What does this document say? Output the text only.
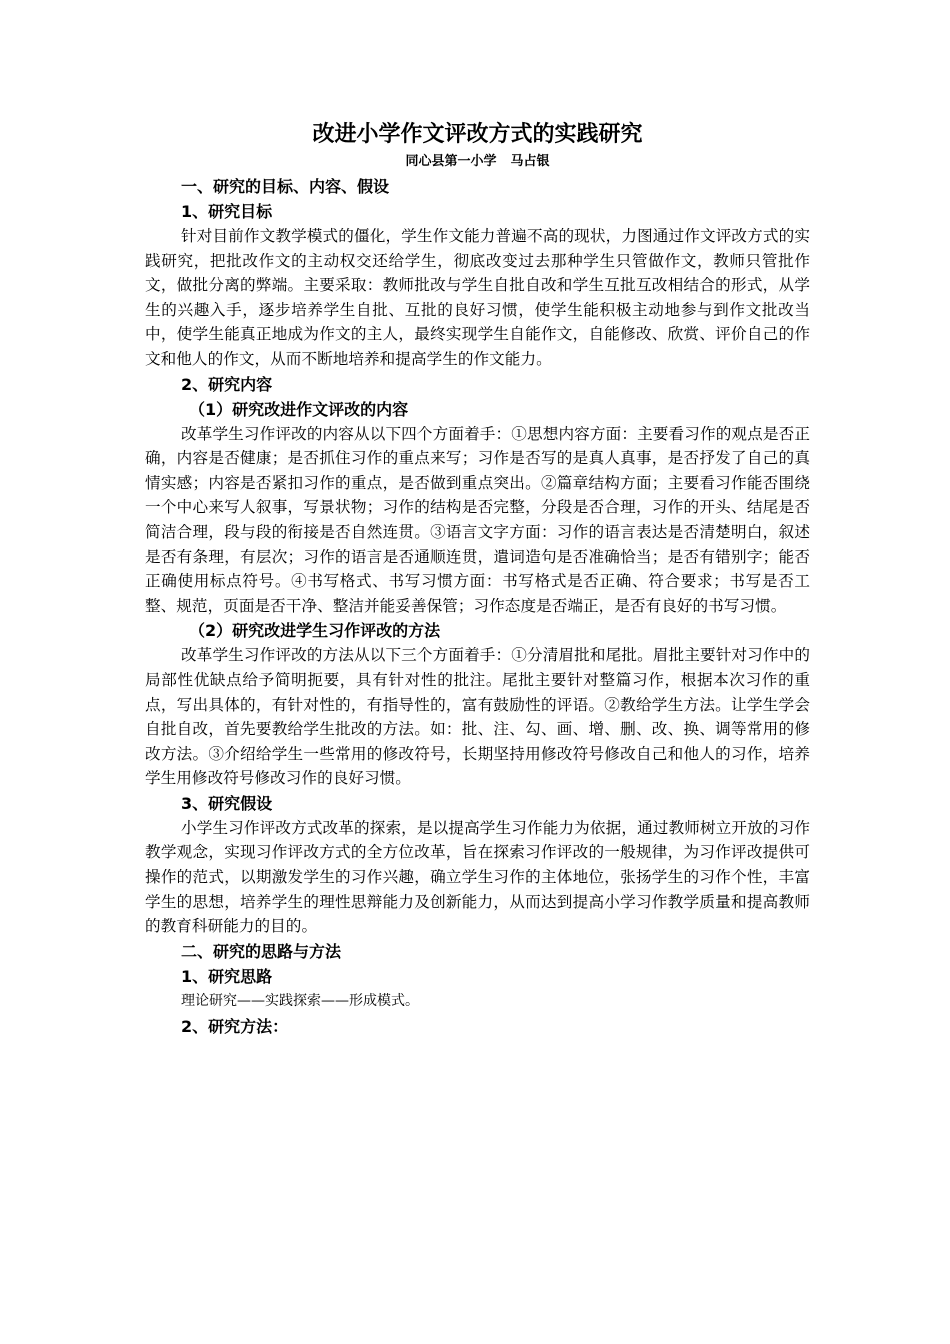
改进小学作文评改方式的实践研究

同心县第一小学 马占银

一、研究的目标、内容、假设

1、研究目标

针对目前作文教学模式的僵化，学生作文能力普遍不高的现状，力图通过作文评改方式的实践研究，把批改作文的主动权交还给学生，彻底改变过去那种学生只管做作文，教师只管批作文，做批分离的弊端。主要采取：教师批改与学生自批自改和学生互批互改相结合的形式，从学生的兴趣入手，逐步培养学生自批、互批的良好习惯，使学生能积极主动地参与到作文批改当中，使学生能真正地成为作文的主人，最终实现学生自能作文，自能修改、欣赏、评价自己的作文和他人的作文，从而不断地培养和提高学生的作文能力。

2、研究内容

（1）研究改进作文评改的内容

改革学生习作评改的内容从以下四个方面着手：①思想内容方面：主要看习作的观点是否正确，内容是否健康；是否抓住习作的重点来写；习作是否写的是真人真事，是否抒发了自己的真情实感；内容是否紧扣习作的重点，是否做到重点突出。②篇章结构方面；主要看习作能否围绕一个中心来写人叙事，写景状物；习作的结构是否完整，分段是否合理，习作的开头、结尾是否简洁合理，段与段的衔接是否自然连贯。③语言文字方面：习作的语言表达是否清楚明白，叙述是否有条理，有层次；习作的语言是否通顺连贯，遣词造句是否准确恰当；是否有错别字；能否正确使用标点符号。④书写格式、书写习惯方面：书写格式是否正确、符合要求；书写是否工整、规范，页面是否干净、整洁并能妥善保管；习作态度是否端正，是否有良好的书写习惯。

（2）研究改进学生习作评改的方法

改革学生习作评改的方法从以下三个方面着手：①分清眉批和尾批。眉批主要针对习作中的局部性优缺点给予简明扼要，具有针对性的批注。尾批主要针对整篇习作，根据本次习作的重点，写出具体的，有针对性的，有指导性的，富有鼓励性的评语。②教给学生方法。让学生学会自批自改，首先要教给学生批改的方法。如：批、注、勾、画、增、删、改、换、调等常用的修改方法。③介绍给学生一些常用的修改符号，长期坚持用修改符号修改自己和他人的习作，培养学生用修改符号修改习作的良好习惯。

3、研究假设

小学生习作评改方式改革的探索，是以提高学生习作能力为依据，通过教师树立开放的习作教学观念，实现习作评改方式的全方位改革，旨在探索习作评改的一般规律，为习作评改提供可操作的范式，以期激发学生的习作兴趣，确立学生习作的主体地位，张扬学生的习作个性，丰富学生的思想，培养学生的理性思辩能力及创新能力，从而达到提高小学习作教学质量和提高教师的教育科研能力的目的。

二、研究的思路与方法

1、研究思路

理论研究——实践探索——形成模式。

2、研究方法：
